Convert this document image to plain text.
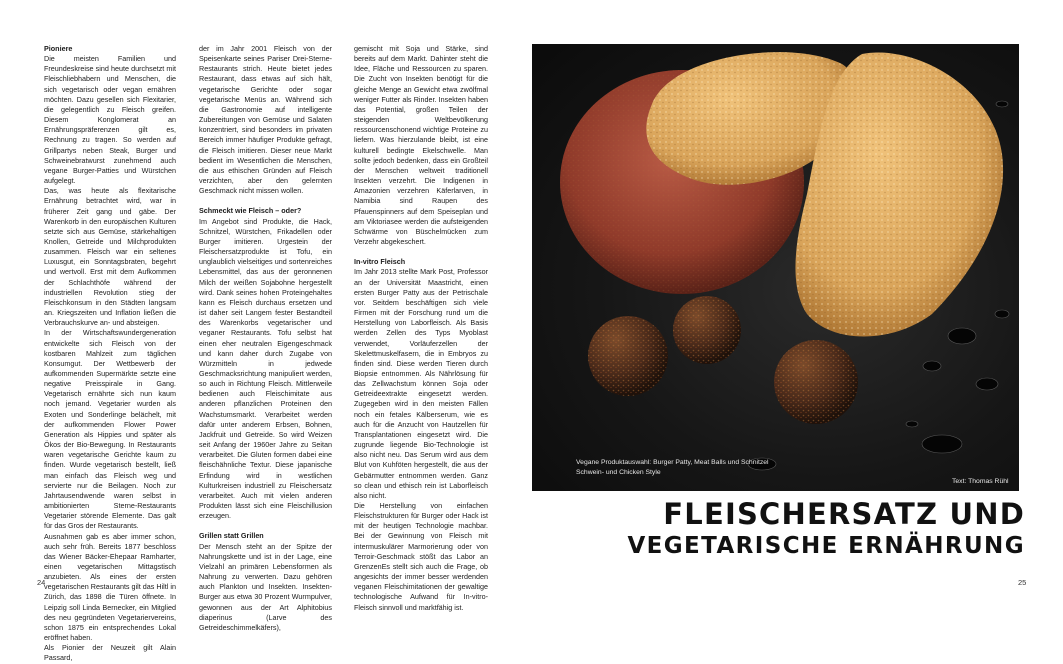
Pioniere

Die meisten Familien und Freundeskreise sind heute durchsetzt mit Fleischliebhabern und Menschen, die sich vegetarisch oder vegan ernähren möchten. Dazu gesellen sich Flexitarier, die gelegentlich zu Fleisch greifen. Diesem Konglomerat an Ernährungspräferenzen gilt es, Rechnung zu tragen. So werden auf Grillpartys neben Steak, Burger und Schweinebratwurst zunehmend auch vegane Burger-Patties und Würstchen aufgelegt.

Das, was heute als flexitarische Ernährung betrachtet wird, war in früherer Zeit gang und gäbe. Der Warenkorb in den europäischen Kulturen setzte sich aus Gemüse, stärkehaltigen Knollen, Getreide und Milchprodukten zusammen. Fleisch war ein seltenes Luxusgut, ein Sonntagsbraten, begehrt und wertvoll. Erst mit dem Aufkommen der Schlachthöfe während der industriellen Revolution stieg der Fleischkonsum in den Städten langsam an. Kriegszeiten und Inflation ließen die Verbrauchskurve an- und absteigen.

In der Wirtschaftswundergeneration entwickelte sich Fleisch von der kostbaren Mahlzeit zum täglichen Konsumgut. Der Wettbewerb der aufkommenden Supermärkte setzte eine negative Preisspirale in Gang. Vegetarisch ernährte sich nun kaum noch jemand. Vegetarier wurden als Exoten und Sonderlinge belächelt, mit der aufkommenden Flower Power Generation als Hippies und später als Ökos der Bio-Bewegung. In Restaurants waren vegetarische Gerichte kaum zu finden. Wurde vegetarisch bestellt, ließ man einfach das Fleisch weg und servierte nur die Beilagen. Noch zur Jahrtausendwende waren selbst in ambitionierten Sterne-Restaurants Vegetarier störende Elemente. Das galt für das Gros der Restaurants.

Ausnahmen gab es aber immer schon, auch sehr früh. Bereits 1877 beschloss das Wiener Bäcker-Ehepaar Ramharter, einen vegetarischen Mittagstisch anzubieten. Als eines der ersten vegetarischen Restaurants gilt das Hiltl in Zürich, das 1898 die Türen öffnete. In Leipzig soll Linda Bernecker, ein Mitglied des neu gegründeten Vegetariervereins, schon 1875 ein entsprechendes Lokal eröffnet haben.

Als Pionier der Neuzeit gilt Alain Passard,

der im Jahr 2001 Fleisch von der Speisenkarte seines Pariser Drei-Sterne-Restaurants strich. Heute bietet jedes Restaurant, dass etwas auf sich hält, vegetarische Gerichte oder sogar vegetarische Menüs an. Während sich die Gastronomie auf intelligente Zubereitungen von Gemüse und Salaten konzentriert, sind besonders im privaten Bereich immer häufiger Produkte gefragt, die Fleisch imitieren. Dieser neue Markt bedient im Wesentlichen die Menschen, die aus ethischen Gründen auf Fleisch verzichten, aber den gelernten Geschmack nicht missen wollen.

Schmeckt wie Fleisch – oder?

Im Angebot sind Produkte, die Hack, Schnitzel, Würstchen, Frikadellen oder Burger imitieren. Urgestein der Fleischersatzprodukte ist Tofu, ein unglaublich vielseitiges und sortenreiches Lebensmittel, das aus der geronnenen Milch der weißen Sojabohne hergestellt wird. Dank seines hohen Proteingehaltes kann es Fleisch durchaus ersetzen und ist daher seit Langem fester Bestandteil des Warenkorbs vegetarischer und veganer Restaurants. Tofu selbst hat einen eher neutralen Eigengeschmack und kann daher durch Zugabe von Würzmitteln in jedwede Geschmacksrichtung manipuliert werden, so auch in Richtung Fleisch. Mittlerweile bedienen auch Fleischimitate aus anderen pflanzlichen Proteinen den Wachstumsmarkt. Verarbeitet werden dafür unter anderem Erbsen, Bohnen, Jackfruit und Getreide. So wird Weizen seit Anfang der 1960er Jahre zu Seitan verarbeitet. Die Gluten formen dabei eine fleischähnliche Textur. Diese japanische Erfindung wird in westlichen Kulturkreisen industriell zu Fleischersatz verarbeitet. Auch mit vielen anderen Produkten lässt sich eine Fleischillusion erzeugen.

Grillen statt Grillen

Der Mensch steht an der Spitze der Nahrungskette und ist in der Lage, eine Vielzahl an primären Lebensformen als Nahrung zu verwerten. Dazu gehören auch Plankton und Insekten. Insekten-Burger aus etwa 30 Prozent Wurmpulver, gewonnen aus der Art Alphitobius diaperinus (Larve des Getreideschimmelkäfers),

gemischt mit Soja und Stärke, sind bereits auf dem Markt. Dahinter steht die Idee, Fläche und Ressourcen zu sparen. Die Zucht von Insekten benötigt für die gleiche Menge an Gewicht etwa zwölfmal weniger Futter als Rinder. Insekten haben das Potential, großen Teilen der steigenden Weltbevölkerung ressourcenschonend wichtige Proteine zu liefern. Was hierzulande bleibt, ist eine kulturell bedingte Ekelschwelle. Man sollte jedoch bedenken, dass ein Großteil der Menschen weltweit traditionell Insekten verzehrt. Die Indigenen in Amazonien verzehren Käferlarven, in Namibia sind Raupen des Pfauenspinners auf dem Speiseplan und am Viktoriasee werden die aufsteigenden Schwärme von Büschelmücken zum Verzehr abgekeschert.

In-vitro Fleisch

Im Jahr 2013 stellte Mark Post, Professor an der Universität Maastricht, einen ersten Burger Patty aus der Petrischale vor. Seitdem beschäftigen sich viele Firmen mit der Forschung rund um die Herstellung von Laborfleisch. Als Basis werden Zellen des Typs Myoblast verwendet, Vorläuferzellen der Skelettmuskelfasern, die in Embryos zu finden sind. Diese werden Tieren durch Biopsie entnommen. Als Nährlösung für das Zellwachstum können Soja oder Getreideextrakte eingesetzt werden. Zugegeben wird in den meisten Fällen noch ein fetales Kälberserum, wie es auch für die Anzucht von Hautzellen für Transplantationen eingesetzt wird. Die zugrunde liegende Bio-Technologie ist also nicht neu. Das Serum wird aus dem Blut von Kuhföten hergestellt, die aus der Gebärmutter entnommen werden. Ganz so clean und ethisch rein ist Laborfleisch also nicht.

Die Herstellung von einfachen Fleischstrukturen für Burger oder Hack ist mit der heutigen Technologie machbar. Bei der Gewinnung von Fleisch mit intermuskulärer Marmorierung oder von Terroir-Geschmack stößt das Labor an GrenzenEs stellt sich auch die Frage, ob angesichts der immer besser werdenden veganen Fleischimitationen der gewaltige technologische Aufwand für In-vitro-Fleisch sinnvoll und marktfähig ist.

24
Vegane Produktauswahl: Burger Patty, Meat Balls und Schnitzel Schwein- und Chicken Style
Text: Thomas Rühl
FLEISCHERSATZ UND
VEGETARISCHE ERNÄHRUNG
25
